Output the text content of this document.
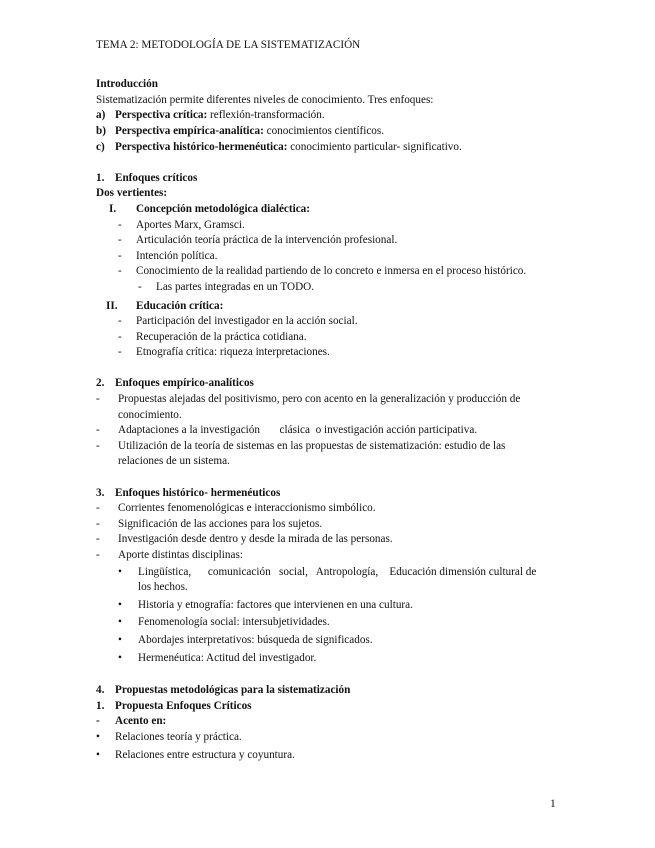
TEMA 2: METODOLOGÍA DE LA SISTEMATIZACIÓN
Introducción
Sistematización permite diferentes niveles de conocimiento. Tres enfoques:
a) Perspectiva crítica: reflexión-transformación.
b) Perspectiva empírica-analítica: conocimientos científicos.
c) Perspectiva histórico-hermenéutica: conocimiento particular- significativo.
1. Enfoques críticos
Dos vertientes:
I. Concepción metodológica dialéctica:

- Aportes Marx, Gramsci.
- Articulación teoría práctica de la intervención profesional.
- Intención política.
- Conocimiento de la realidad partiendo de lo concreto e inmersa en el proceso histórico.
- Las partes integradas en un TODO.
II. Educación crítica:

- Participación del investigador en la acción social.
- Recuperación de la práctica cotidiana.
- Etnografía crítica: riqueza interpretaciones.
2. Enfoques empírico-analíticos
- Propuestas alejadas del positivismo, pero con acento en la generalización y producción de
conocimiento.
- Adaptaciones a la investigación       clásica  o investigación acción participativa.
- Utilización de la teoría de sistemas en las propuestas de sistematización: estudio de las
relaciones de un sistema.
3. Enfoques histórico- hermenéuticos
- Corrientes fenomenológicas e interaccionismo simbólico.
- Significación de las acciones para los sujetos.
- Investigación desde dentro y desde la mirada de las personas.
- Aporte distintas disciplinas:
• Lingüística,      comunicación   social,   Antropología,    Educación dimensión cultural de
los hechos.
• Historia y etnografía: factores que intervienen en una cultura.
• Fenomenología social: intersubjetividades.
• Abordajes interpretativos: búsqueda de significados.
• Hermenéutica: Actitud del investigador.
4. Propuestas metodológicas para la sistematización
1. Propuesta Enfoques Críticos
- Acento en:
• Relaciones teoría y práctica.
• Relaciones entre estructura y coyuntura.
1
